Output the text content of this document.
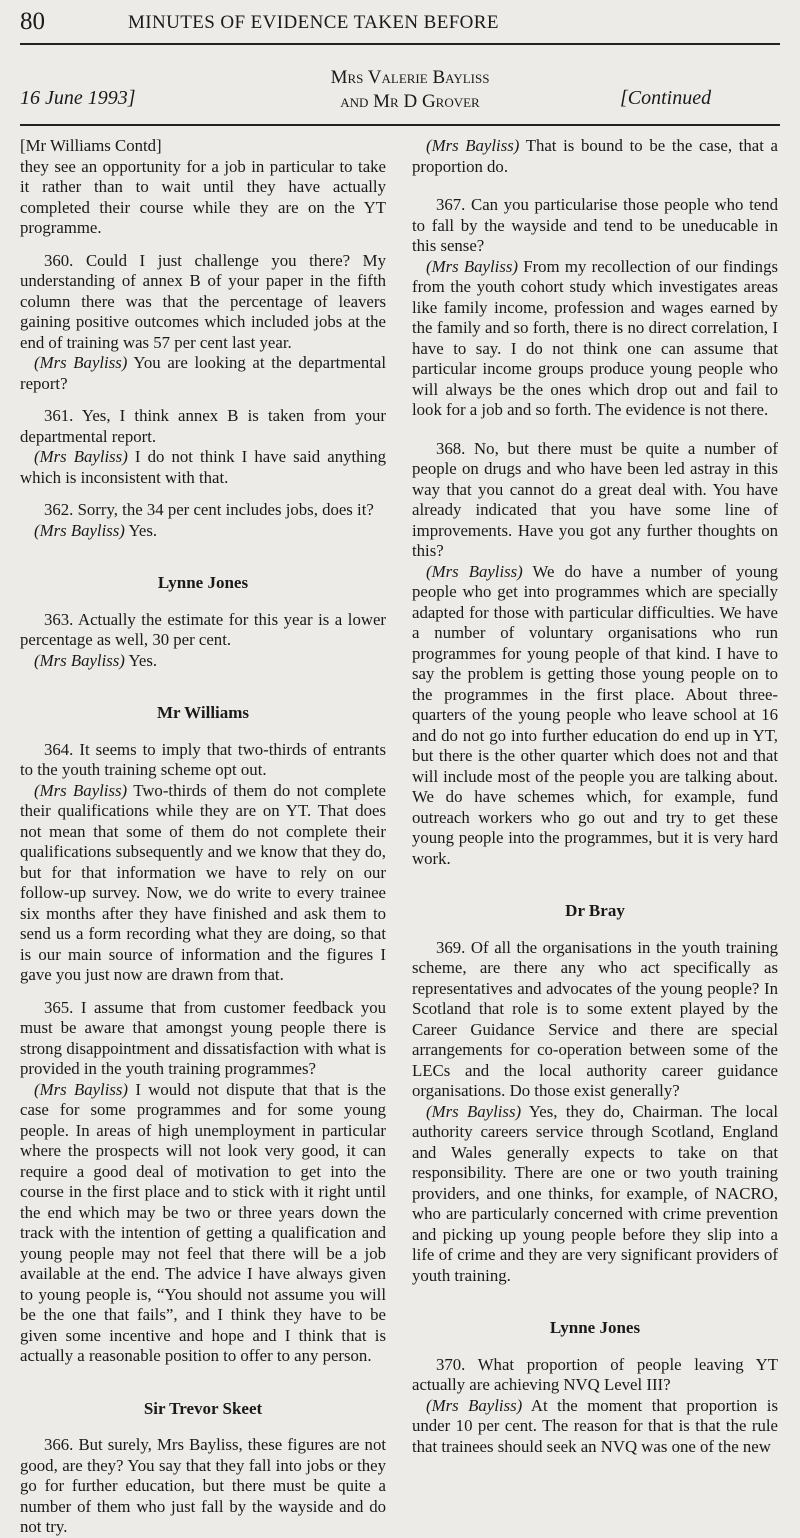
80	MINUTES OF EVIDENCE TAKEN BEFORE
16 June 1993]
Mrs Valerie Bayliss
and Mr D Grover	[Continued

[Mr Williams Contd]

they see an opportunity for a job in particular to take it rather than to wait until they have actually completed their course while they are on the YT programme.

360. Could I just challenge you there? My understanding of annex B of your paper in the fifth column there was that the percentage of leavers gaining positive outcomes which included jobs at the end of training was 57 per cent last year.

(Mrs Bayliss) You are looking at the departmental report?

361. Yes, I think annex B is taken from your departmental report.

(Mrs Bayliss) I do not think I have said anything which is inconsistent with that.

362. Sorry, the 34 per cent includes jobs, does it?

(Mrs Bayliss) Yes.

Lynne Jones

363. Actually the estimate for this year is a lower percentage as well, 30 per cent.

(Mrs Bayliss) Yes.

Mr Williams

364. It seems to imply that two-thirds of entrants to the youth training scheme opt out.

(Mrs Bayliss) Two-thirds of them do not complete their qualifications while they are on YT. That does not mean that some of them do not complete their qualifications subsequently and we know that they do, but for that information we have to rely on our follow-up survey. Now, we do write to every trainee six months after they have finished and ask them to send us a form recording what they are doing, so that is our main source of information and the figures I gave you just now are drawn from that.

365. I assume that from customer feedback you must be aware that amongst young people there is strong disappointment and dissatisfaction with what is provided in the youth training programmes?

(Mrs Bayliss) I would not dispute that that is the case for some programmes and for some young people. In areas of high unemployment in particular where the prospects will not look very good, it can require a good deal of motivation to get into the course in the first place and to stick with it right until the end which may be two or three years down the track with the intention of getting a qualification and young people may not feel that there will be a job available at the end. The advice I have always given to young people is, “You should not assume you will be the one that fails”, and I think they have to be given some incentive and hope and I think that is actually a reasonable position to offer to any person.

Sir Trevor Skeet

366. But surely, Mrs Bayliss, these figures are not good, are they? You say that they fall into jobs or they go for further education, but there must be quite a number of them who just fall by the wayside and do not try.

(Mrs Bayliss) That is bound to be the case, that a proportion do.

367. Can you particularise those people who tend to fall by the wayside and tend to be uneducable in this sense?

(Mrs Bayliss) From my recollection of our findings from the youth cohort study which investigates areas like family income, profession and wages earned by the family and so forth, there is no direct correlation, I have to say. I do not think one can assume that particular income groups produce young people who will always be the ones which drop out and fail to look for a job and so forth. The evidence is not there.

368. No, but there must be quite a number of people on drugs and who have been led astray in this way that you cannot do a great deal with. You have already indicated that you have some line of improvements. Have you got any further thoughts on this?

(Mrs Bayliss) We do have a number of young people who get into programmes which are specially adapted for those with particular difficulties. We have a number of voluntary organisations who run programmes for young people of that kind. I have to say the problem is getting those young people on to the programmes in the first place. About three-quarters of the young people who leave school at 16 and do not go into further education do end up in YT, but there is the other quarter which does not and that will include most of the people you are talking about. We do have schemes which, for example, fund outreach workers who go out and try to get these young people into the programmes, but it is very hard work.

Dr Bray

369. Of all the organisations in the youth training scheme, are there any who act specifically as representatives and advocates of the young people? In Scotland that role is to some extent played by the Career Guidance Service and there are special arrangements for co-operation between some of the LECs and the local authority career guidance organisations. Do those exist generally?

(Mrs Bayliss) Yes, they do, Chairman. The local authority careers service through Scotland, England and Wales generally expects to take on that responsibility. There are one or two youth training providers, and one thinks, for example, of NACRO, who are particularly concerned with crime prevention and picking up young people before they slip into a life of crime and they are very significant providers of youth training.

Lynne Jones

370. What proportion of people leaving YT actually are achieving NVQ Level III?

(Mrs Bayliss) At the moment that proportion is under 10 per cent. The reason for that is that the rule that trainees should seek an NVQ was one of the new
